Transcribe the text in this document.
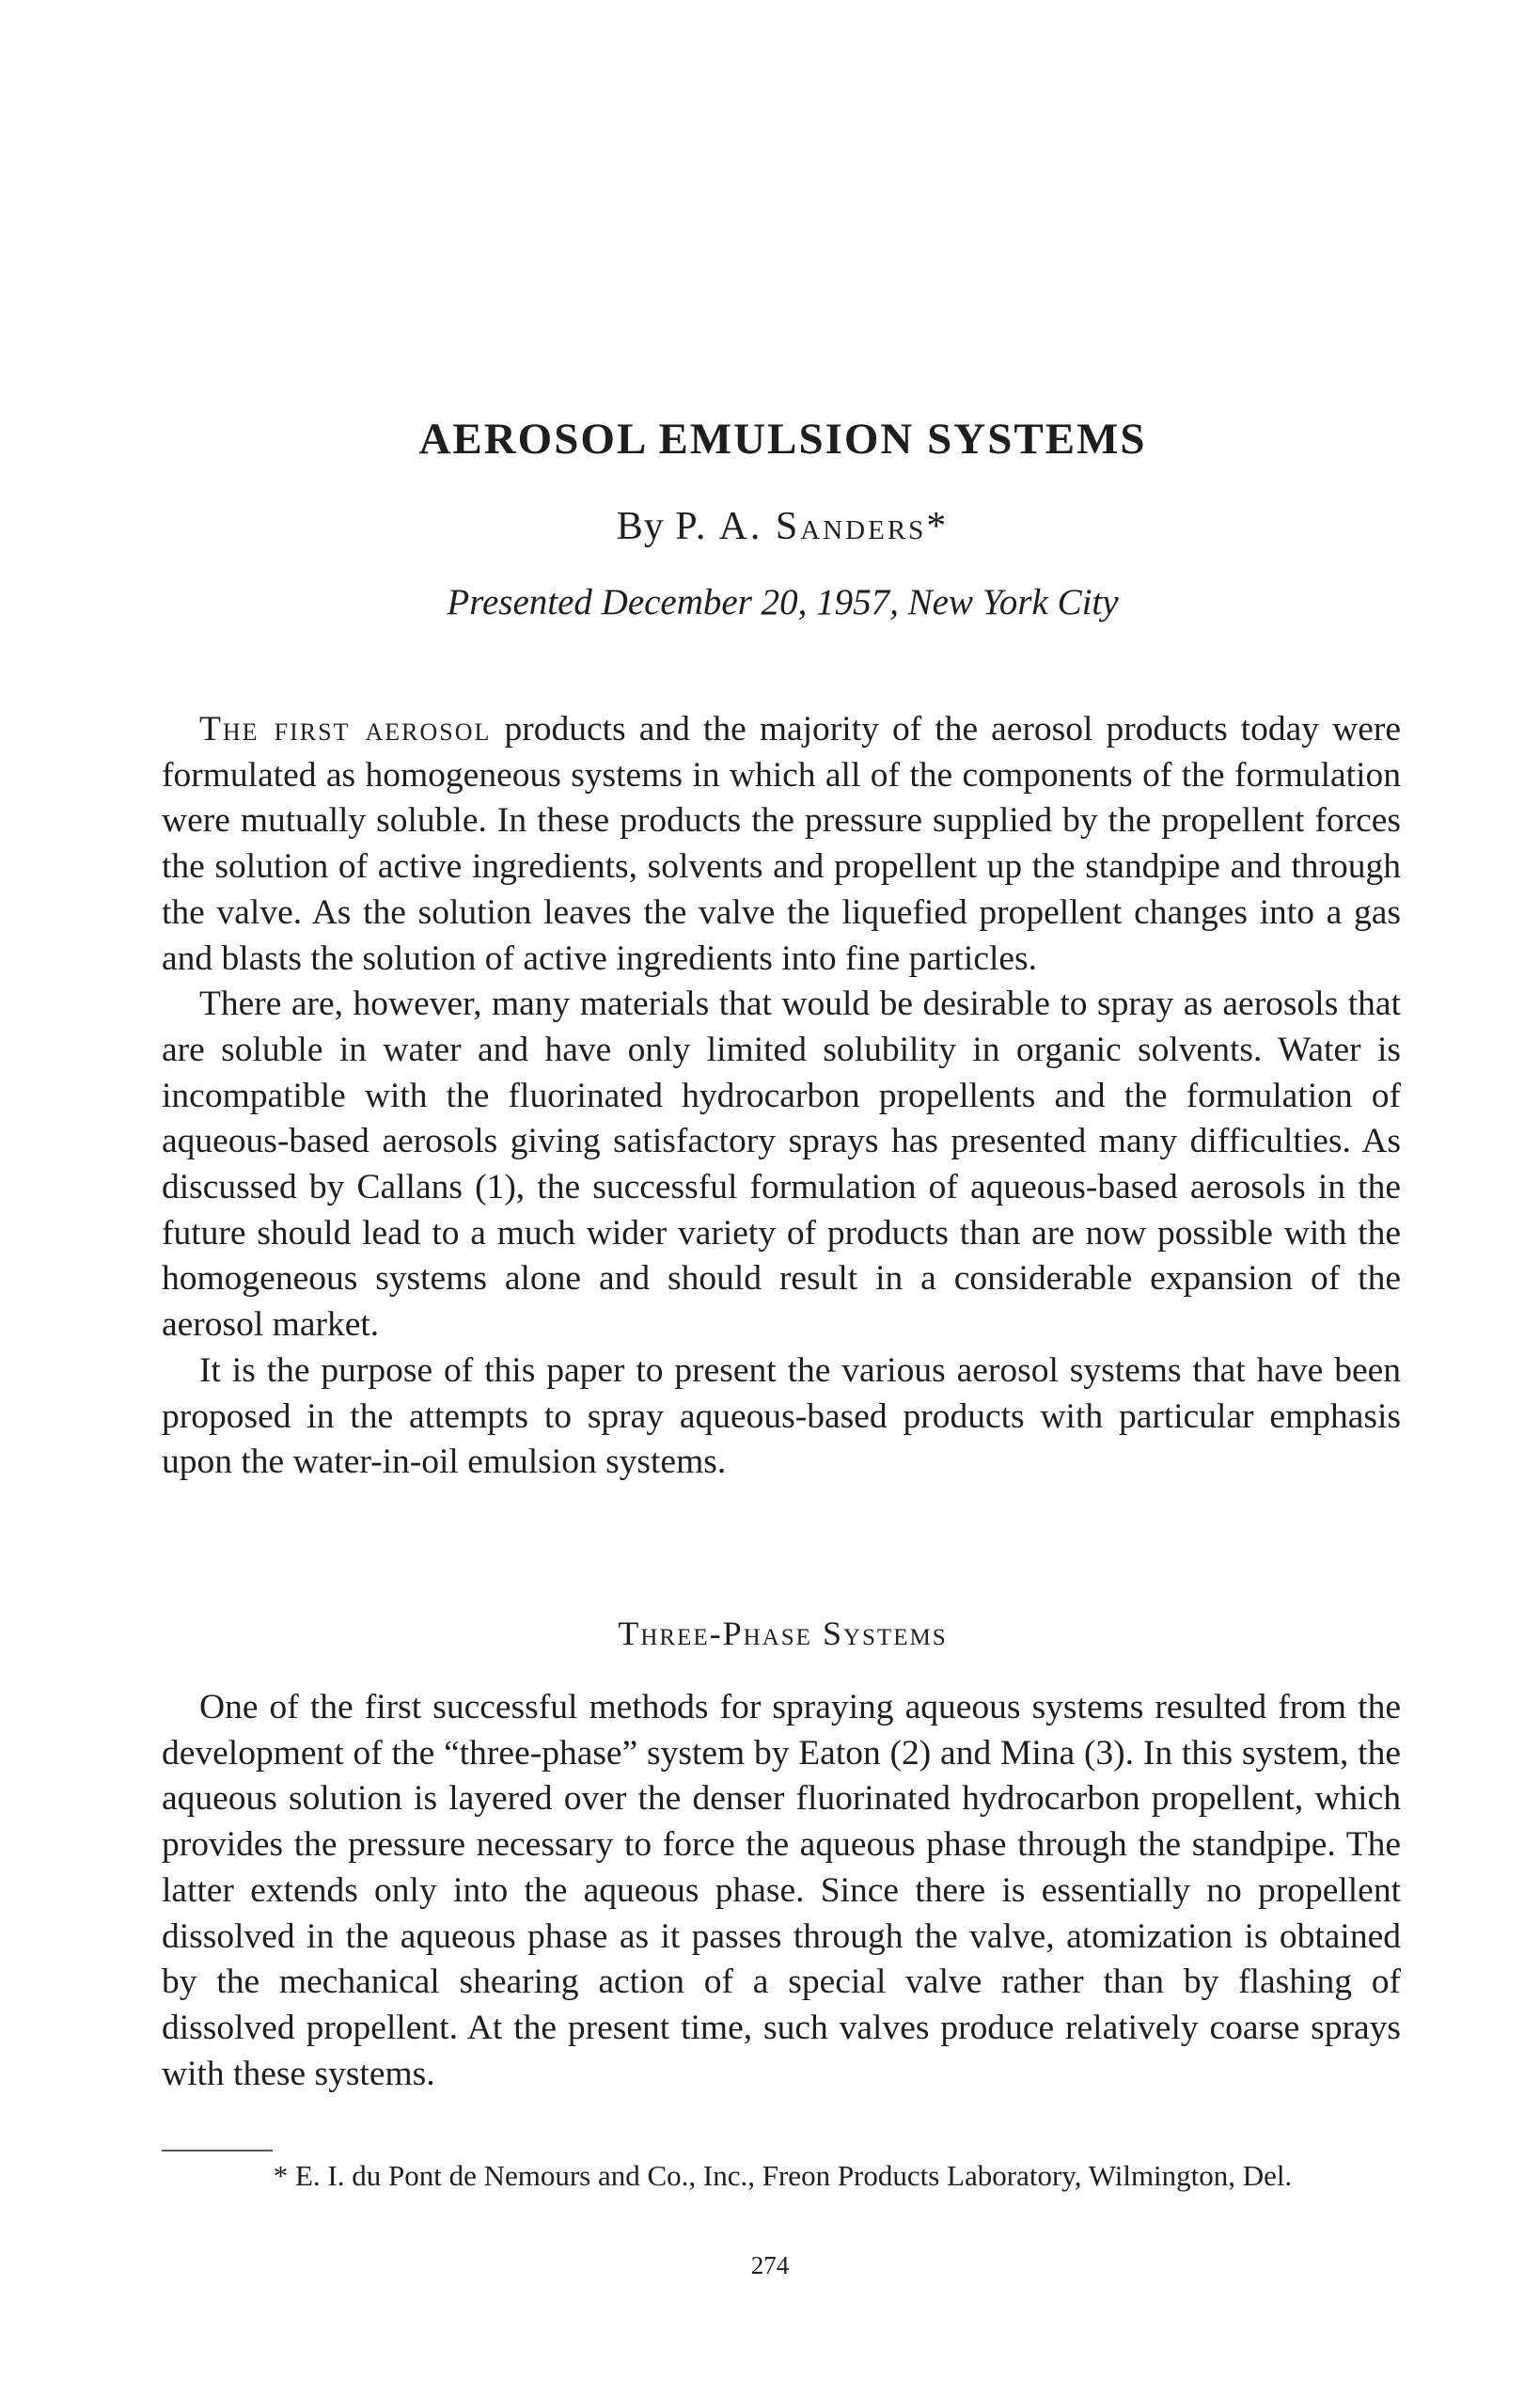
AEROSOL EMULSION SYSTEMS
By P. A. Sanders*
Presented December 20, 1957, New York City

The first aerosol products and the majority of the aerosol products today were formulated as homogeneous systems in which all of the components of the formulation were mutually soluble. In these products the pressure supplied by the propellent forces the solution of active ingredients, solvents and propellent up the standpipe and through the valve. As the solution leaves the valve the liquefied propellent changes into a gas and blasts the solution of active ingredients into fine particles.

There are, however, many materials that would be desirable to spray as aerosols that are soluble in water and have only limited solubility in organic solvents. Water is incompatible with the fluorinated hydrocarbon propellents and the formulation of aqueous-based aerosols giving satisfactory sprays has presented many difficulties. As discussed by Callans (1), the successful formulation of aqueous-based aerosols in the future should lead to a much wider variety of products than are now possible with the homogeneous systems alone and should result in a considerable expansion of the aerosol market.

It is the purpose of this paper to present the various aerosol systems that have been proposed in the attempts to spray aqueous-based products with particular emphasis upon the water-in-oil emulsion systems.

Three-Phase Systems

One of the first successful methods for spraying aqueous systems resulted from the development of the “three-phase” system by Eaton (2) and Mina (3). In this system, the aqueous solution is layered over the denser fluorinated hydrocarbon propellent, which provides the pressure necessary to force the aqueous phase through the standpipe. The latter extends only into the aqueous phase. Since there is essentially no propellent dissolved in the aqueous phase as it passes through the valve, atomization is obtained by the mechanical shearing action of a special valve rather than by flashing of dissolved propellent. At the present time, such valves produce relatively coarse sprays with these systems.

* E. I. du Pont de Nemours and Co., Inc., Freon Products Laboratory, Wilmington, Del.
274
